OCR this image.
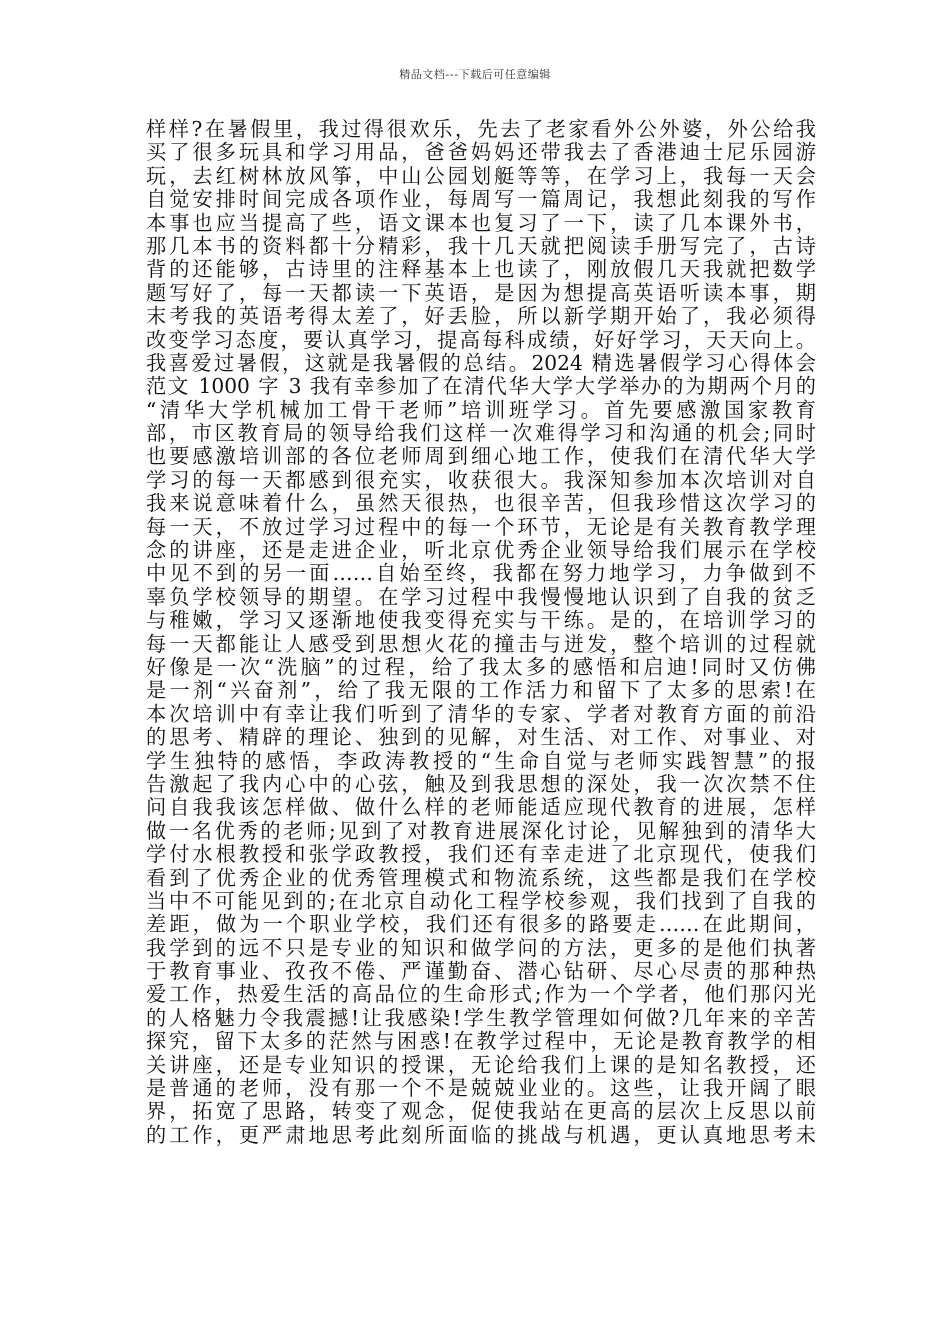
精品文档---下载后可任意编辑
样样?在暑假里，我过得很欢乐，先去了老家看外公外婆，外公给我
买了很多玩具和学习用品，爸爸妈妈还带我去了香港迪士尼乐园游
玩，去红树林放风筝，中山公园划艇等等，在学习上，我每一天会
自觉安排时间完成各项作业，每周写一篇周记，我想此刻我的写作
本事也应当提高了些，语文课本也复习了一下，读了几本课外书，
那几本书的资料都十分精彩，我十几天就把阅读手册写完了，古诗
背的还能够，古诗里的注释基本上也读了，刚放假几天我就把数学
题写好了，每一天都读一下英语，是因为想提高英语听读本事，期
末考我的英语考得太差了，好丢脸，所以新学期开始了，我必须得
改变学习态度，要认真学习，提高每科成绩，好好学习，天天向上。
我喜爱过暑假，这就是我暑假的总结。2024 精选暑假学习心得体会
范文 1000 字 3 我有幸参加了在清代华大学大学举办的为期两个月的
“清华大学机械加工骨干老师”培训班学习。首先要感激国家教育
部，市区教育局的领导给我们这样一次难得学习和沟通的机会;同时
也要感激培训部的各位老师周到细心地工作，使我们在清代华大学
学习的每一天都感到很充实，收获很大。我深知参加本次培训对自
我来说意味着什么，虽然天很热，也很辛苦，但我珍惜这次学习的
每一天，不放过学习过程中的每一个环节，无论是有关教育教学理
念的讲座，还是走进企业，听北京优秀企业领导给我们展示在学校
中见不到的另一面……自始至终，我都在努力地学习，力争做到不
辜负学校领导的期望。在学习过程中我慢慢地认识到了自我的贫乏
与稚嫩，学习又逐渐地使我变得充实与干练。是的，在培训学习的
每一天都能让人感受到思想火花的撞击与迸发，整个培训的过程就
好像是一次“洗脑”的过程，给了我太多的感悟和启迪!同时又仿佛
是一剂“兴奋剂”，给了我无限的工作活力和留下了太多的思索!在
本次培训中有幸让我们听到了清华的专家、学者对教育方面的前沿
的思考、精辟的理论、独到的见解，对生活、对工作、对事业、对
学生独特的感悟，李政涛教授的“生命自觉与老师实践智慧”的报
告激起了我内心中的心弦，触及到我思想的深处，我一次次禁不住
问自我我该怎样做、做什么样的老师能适应现代教育的进展，怎样
做一名优秀的老师;见到了对教育进展深化讨论，见解独到的清华大
学付水根教授和张学政教授，我们还有幸走进了北京现代，使我们
看到了优秀企业的优秀管理模式和物流系统，这些都是我们在学校
当中不可能见到的;在北京自动化工程学校参观，我们找到了自我的
差距，做为一个职业学校，我们还有很多的路要走……在此期间，
我学到的远不只是专业的知识和做学问的方法，更多的是他们执著
于教育事业、孜孜不倦、严谨勤奋、潜心钻研、尽心尽责的那种热
爱工作，热爱生活的高品位的生命形式;作为一个学者，他们那闪光
的人格魅力令我震撼!让我感染!学生教学管理如何做?几年来的辛苦
探究，留下太多的茫然与困惑!在教学过程中，无论是教育教学的相
关讲座，还是专业知识的授课，无论给我们上课的是知名教授，还
是普通的老师，没有那一个不是兢兢业业的。这些，让我开阔了眼
界，拓宽了思路，转变了观念，促使我站在更高的层次上反思以前
的工作，更严肃地思考此刻所面临的挑战与机遇，更认真地思考未
